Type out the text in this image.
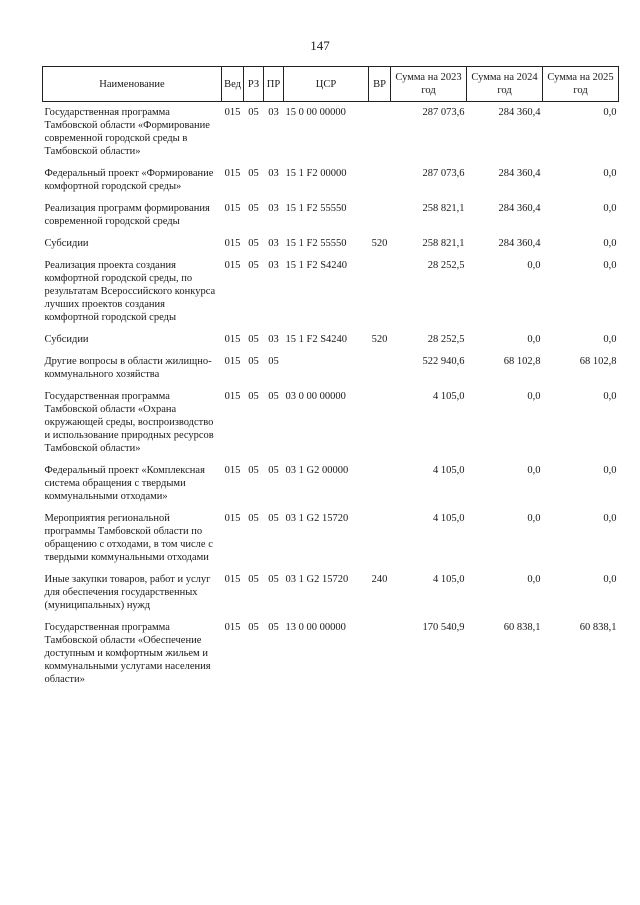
147
Наименование	Вед	РЗ	ПР	ЦСР	ВР	Сумма на 2023 год	Сумма на 2024 год	Сумма на 2025 год
Государственная программа Тамбовской области «Формирование современной городской среды в Тамбовской области»	015	05	03	15 0 00 00000		287 073,6	284 360,4	0,0
Федеральный проект «Формирование комфортной городской среды»	015	05	03	15 1 F2 00000		287 073,6	284 360,4	0,0
Реализация программ формирования современной городской среды	015	05	03	15 1 F2 55550		258 821,1	284 360,4	0,0
Субсидии	015	05	03	15 1 F2 55550	520	258 821,1	284 360,4	0,0
Реализация проекта создания комфортной городской среды, по результатам Всероссийского конкурса лучших проектов создания комфортной городской среды	015	05	03	15 1 F2 S4240		28 252,5	0,0	0,0
Субсидии	015	05	03	15 1 F2 S4240	520	28 252,5	0,0	0,0
Другие вопросы в области жилищно-коммунального хозяйства	015	05	05			522 940,6	68 102,8	68 102,8
Государственная программа Тамбовской области «Охрана окружающей среды, воспроизводство и использование природных ресурсов Тамбовской области»	015	05	05	03 0 00 00000		4 105,0	0,0	0,0
Федеральный проект «Комплексная система обращения с твердыми коммунальными отходами»	015	05	05	03 1 G2 00000		4 105,0	0,0	0,0
Мероприятия региональной программы Тамбовской области по обращению с отходами, в том числе с твердыми коммунальными отходами	015	05	05	03 1 G2 15720		4 105,0	0,0	0,0
Иные закупки товаров, работ и услуг для обеспечения государственных (муниципальных) нужд	015	05	05	03 1 G2 15720	240	4 105,0	0,0	0,0
Государственная программа Тамбовской области «Обеспечение доступным и комфортным жильем и коммунальными услугами населения области»	015	05	05	13 0 00 00000		170 540,9	60 838,1	60 838,1
